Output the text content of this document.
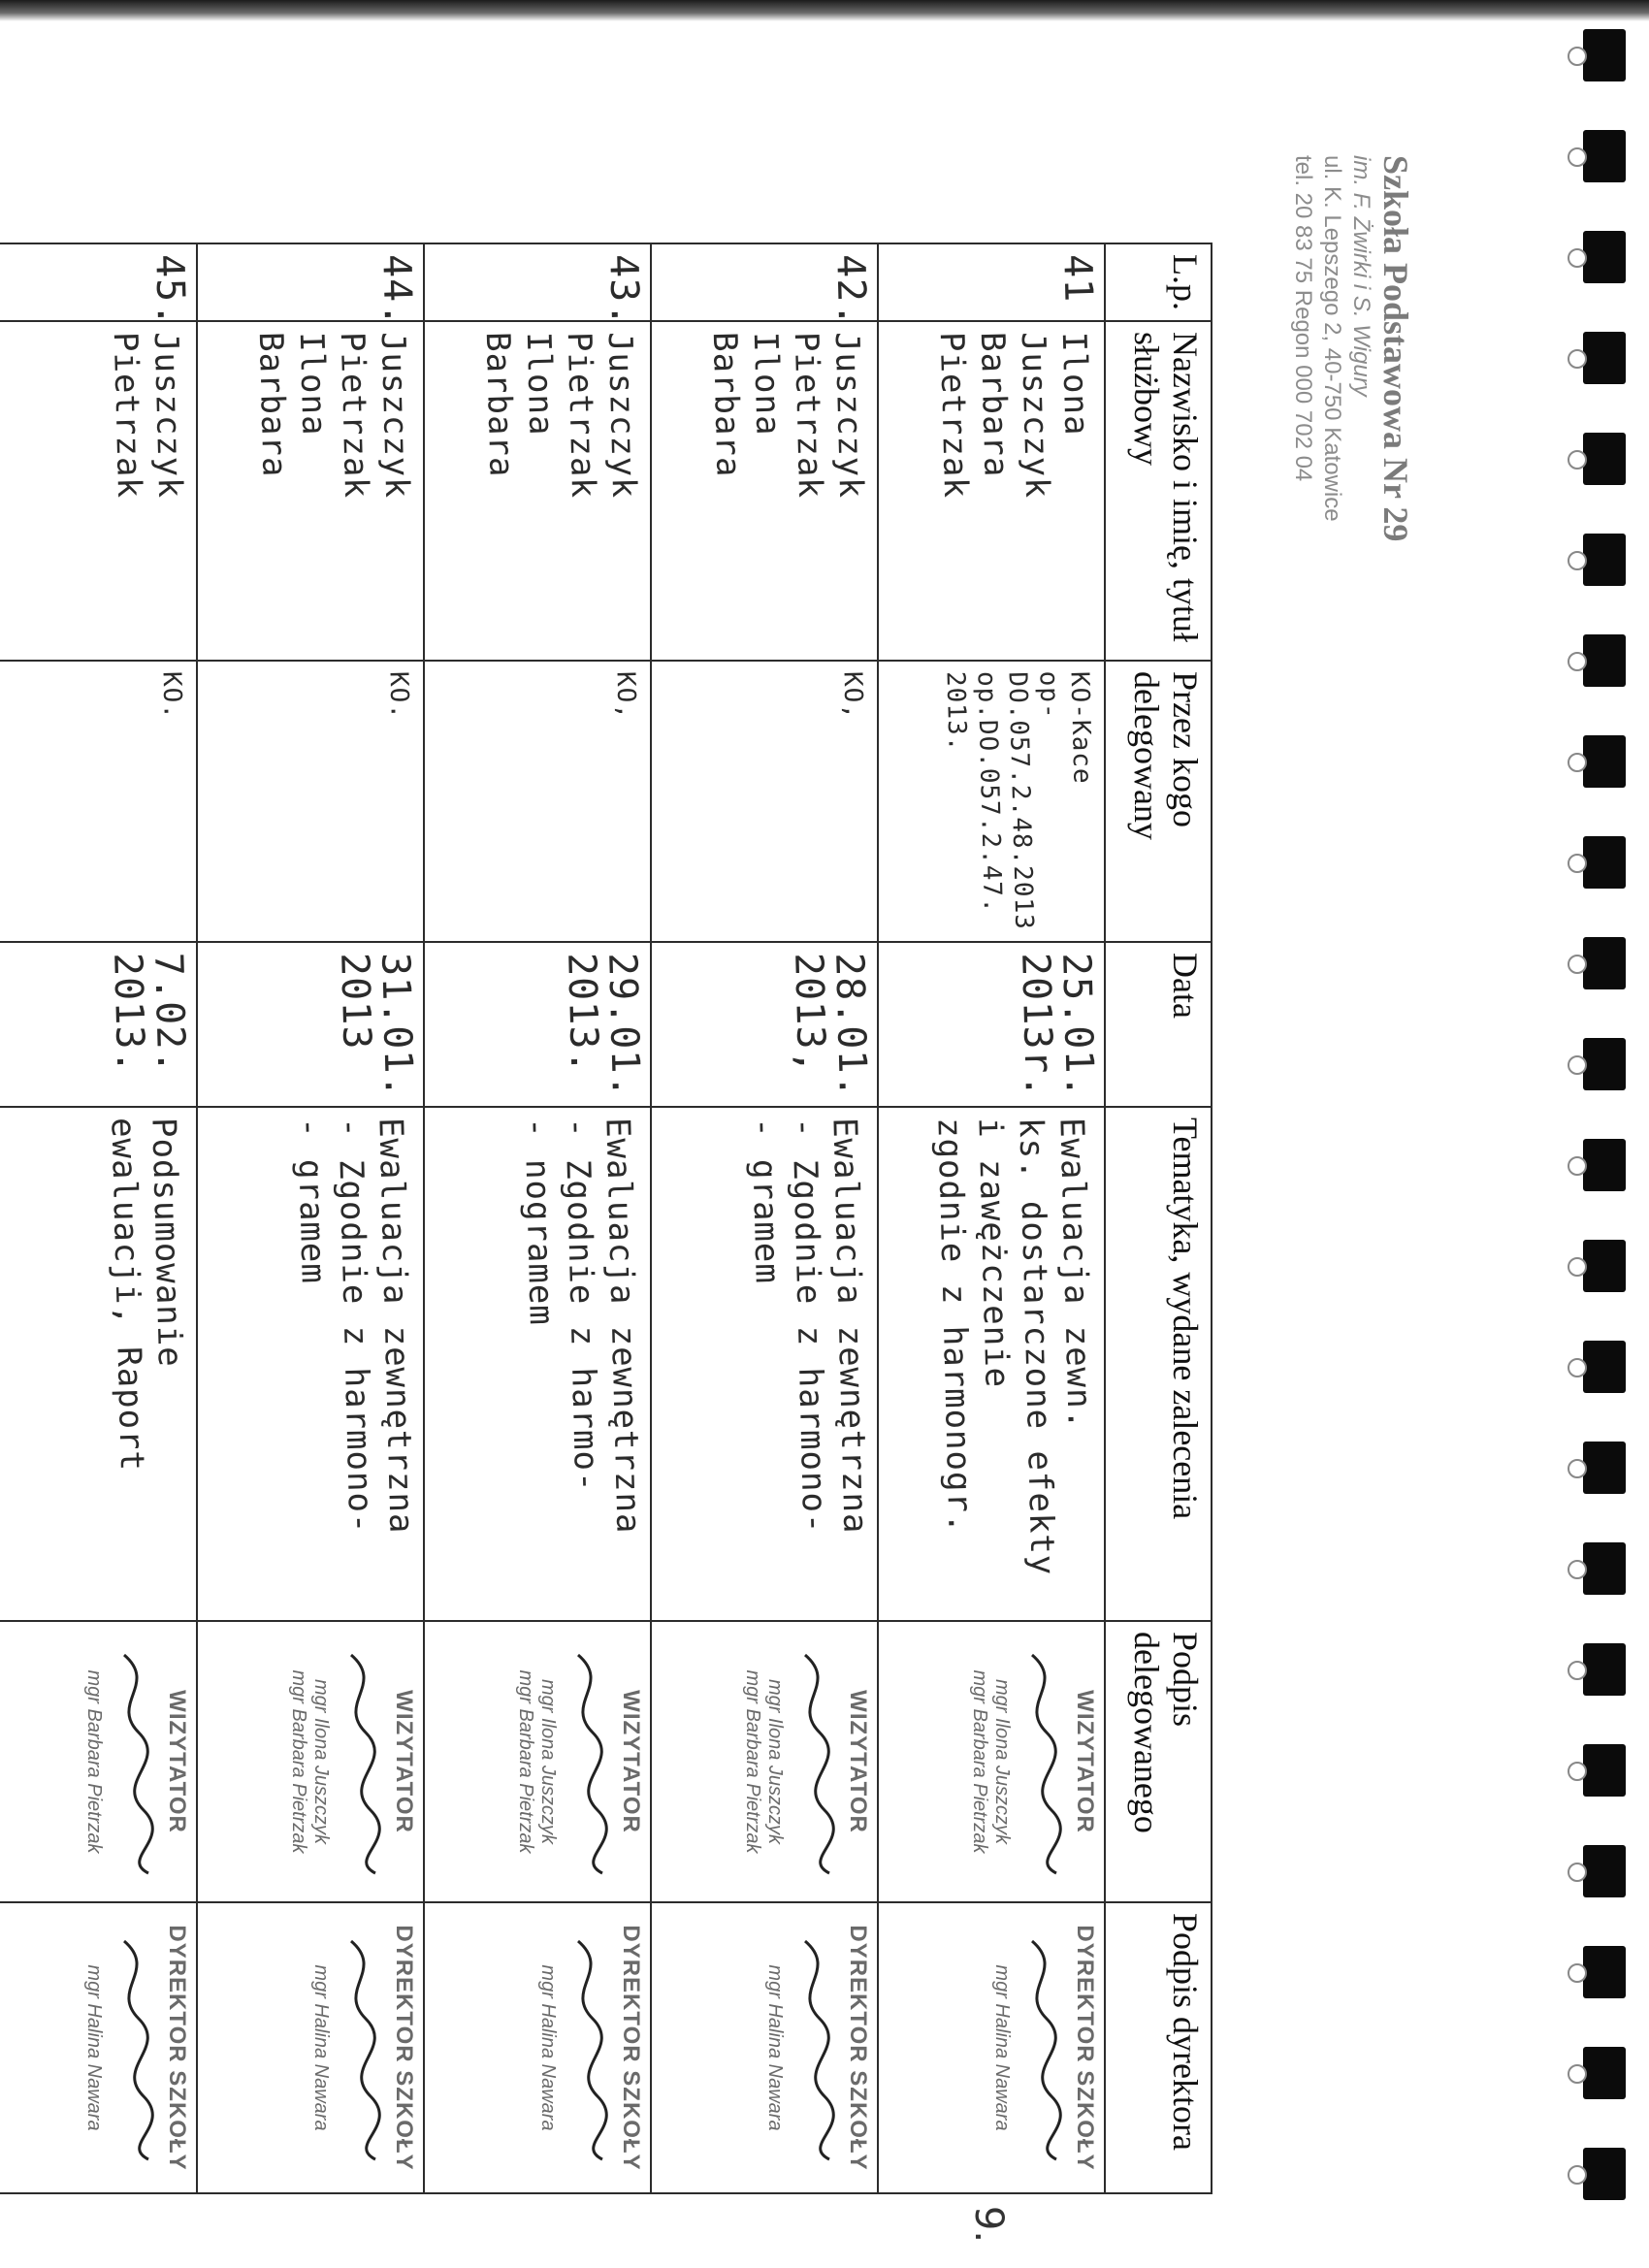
Szkoła Podstawowa Nr 29
im. F. Żwirki i S. Wigury
ul. K. Lepszego 2, 40-750 Katowice
tel. 20 83 75 Regon 000 702 04
L.p.	Nazwisko i imię, tytuł służbowy	Przez kogo delegowany	Data	Tematyka, wydane zalecenia	Podpis delegowanego	Podpis dyrektora

41	Ilona
Juszczyk
Barbara
Pietrzak	KO-Kace
op-DO.057.2.48.2013
op.DO.057.2.47.
2013.	25.01.
2013r.	Ewaluacja zewn.
ks. dostarczone efekty
i zawężczenie
zgodnie z harmonogr.	WIZYTATOR
mgr Ilona Juszczyk
mgr Barbara Pietrzak	DYREKTOR SZKOŁY
mgr Halina Nawara

42.	Juszczyk
Pietrzak
Ilona
Barbara	KO,	28.01.
2013,	Ewaluacja zewnętrzna
- Zgodnie z harmono-
- gramem	WIZYTATOR
mgr Ilona Juszczyk
mgr Barbara Pietrzak	DYREKTOR SZKOŁY
mgr Halina Nawara

43.	Juszczyk
Pietrzak
Ilona
Barbara	KO,	29.01.
2013.	Ewaluacja zewnętrzna
- Zgodnie z harmo-
- nogramem	WIZYTATOR
mgr Ilona Juszczyk
mgr Barbara Pietrzak	DYREKTOR SZKOŁY
mgr Halina Nawara

44.	Juszczyk
Pietrzak
Ilona
Barbara	KO.	31.01.
2013	Ewaluacja zewnętrzna
- Zgodnie z harmono-
- gramem	WIZYTATOR
mgr Ilona Juszczyk
mgr Barbara Pietrzak	DYREKTOR SZKOŁY
mgr Halina Nawara

45.	Juszczyk
Pietrzak	KO.	7.02.
2013.	Podsumowanie
ewaluacji, Raport	WIZYTATOR
mgr Barbara Pietrzak	DYREKTOR SZKOŁY
mgr Halina Nawara
9.
